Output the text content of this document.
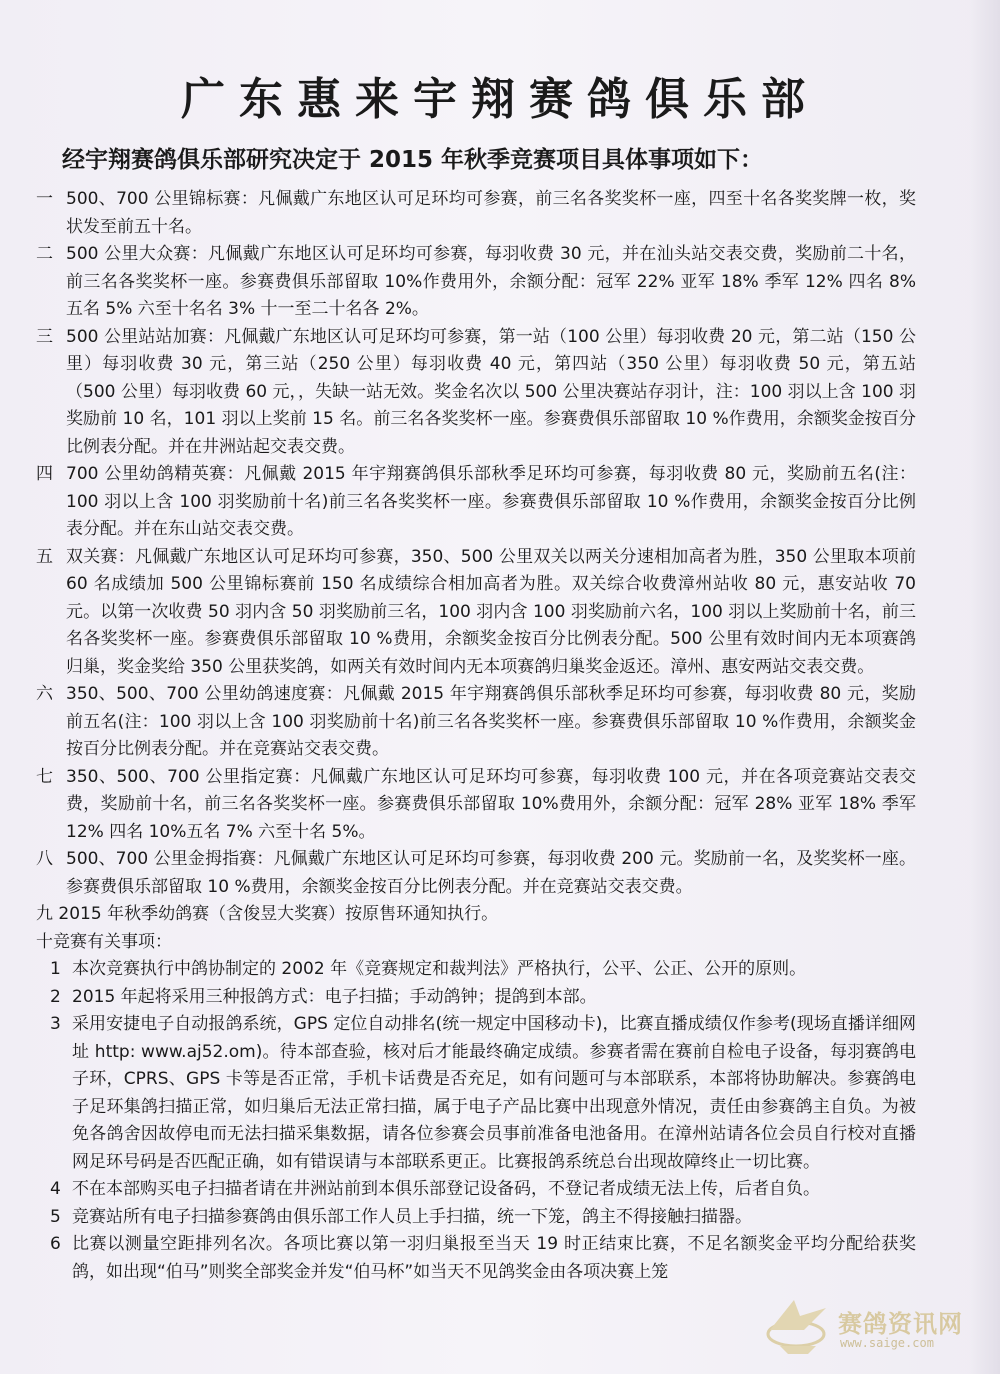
广东惠来宇翔赛鸽俱乐部
经宇翔赛鸽俱乐部研究决定于 2015 年秋季竞赛项目具体事项如下：
一 500、700 公里锦标赛：凡佩戴广东地区认可足环均可参赛，前三名各奖奖杯一座，四至十名各奖奖牌一枚，奖状发至前五十名。
二 500 公里大众赛：凡佩戴广东地区认可足环均可参赛，每羽收费 30 元，并在汕头站交表交费，奖励前二十名，前三名各奖奖杯一座。参赛费俱乐部留取 10%作费用外，余额分配：冠军 22% 亚军 18% 季军 12% 四名 8% 五名 5% 六至十名名 3% 十一至二十名各 2%。
三 500 公里站站加赛：凡佩戴广东地区认可足环均可参赛，第一站（100 公里）每羽收费 20 元，第二站（150 公里）每羽收费 30 元，第三站（250 公里）每羽收费 40 元，第四站（350 公里）每羽收费 50 元，第五站（500 公里）每羽收费 60 元，，失缺一站无效。奖金名次以 500 公里决赛站存羽计，注：100 羽以上含 100 羽奖励前 10 名，101 羽以上奖前 15 名。前三名各奖奖杯一座。参赛费俱乐部留取 10 %作费用，余额奖金按百分比例表分配。并在井洲站起交表交费。
四 700 公里幼鸽精英赛：凡佩戴 2015 年宇翔赛鸽俱乐部秋季足环均可参赛，每羽收费 80 元，奖励前五名(注：100 羽以上含 100 羽奖励前十名)前三名各奖奖杯一座。参赛费俱乐部留取 10 %作费用，余额奖金按百分比例表分配。并在东山站交表交费。
五 双关赛：凡佩戴广东地区认可足环均可参赛，350、500 公里双关以两关分速相加高者为胜，350 公里取本项前 60 名成绩加 500 公里锦标赛前 150 名成绩综合相加高者为胜。双关综合收费漳州站收 80 元，惠安站收 70 元。以第一次收费 50 羽内含 50 羽奖励前三名，100 羽内含 100 羽奖励前六名，100 羽以上奖励前十名，前三名各奖奖杯一座。参赛费俱乐部留取 10 %费用，余额奖金按百分比例表分配。500 公里有效时间内无本项赛鸽归巢，奖金奖给 350 公里获奖鸽，如两关有效时间内无本项赛鸽归巢奖金返还。漳州、惠安两站交表交费。
六 350、500、700 公里幼鸽速度赛：凡佩戴 2015 年宇翔赛鸽俱乐部秋季足环均可参赛，每羽收费 80 元，奖励前五名(注：100 羽以上含 100 羽奖励前十名)前三名各奖奖杯一座。参赛费俱乐部留取 10 %作费用，余额奖金按百分比例表分配。并在竞赛站交表交费。
七 350、500、700 公里指定赛：凡佩戴广东地区认可足环均可参赛，每羽收费 100 元，并在各项竞赛站交表交费，奖励前十名，前三名各奖奖杯一座。参赛费俱乐部留取 10%费用外，余额分配：冠军 28% 亚军 18% 季军 12% 四名 10%五名 7% 六至十名 5%。
八 500、700 公里金拇指赛：凡佩戴广东地区认可足环均可参赛，每羽收费 200 元。奖励前一名，及奖奖杯一座。参赛费俱乐部留取 10 %费用，余额奖金按百分比例表分配。并在竞赛站交表交费。
九 2015 年秋季幼鸽赛（含俊昱大奖赛）按原售环通知执行。
十竞赛有关事项：
1 本次竞赛执行中鸽协制定的 2002 年《竞赛规定和裁判法》严格执行，公平、公正、公开的原则。
2 2015 年起将采用三种报鸽方式：电子扫描；手动鸽钟；提鸽到本部。
3 采用安捷电子自动报鸽系统，GPS 定位自动排名(统一规定中国移动卡)，比赛直播成绩仅作参考(现场直播详细网址 http: www.aj52.om)。待本部查验，核对后才能最终确定成绩。参赛者需在赛前自检电子设备，每羽赛鸽电子环，CPRS、GPS 卡等是否正常，手机卡话费是否充足，如有问题可与本部联系，本部将协助解决。参赛鸽电子足环集鸽扫描正常，如归巢后无法正常扫描，属于电子产品比赛中出现意外情况，责任由参赛鸽主自负。为被免各鸽舍因故停电而无法扫描采集数据，请各位参赛会员事前准备电池备用。在漳州站请各位会员自行校对直播网足环号码是否匹配正确，如有错误请与本部联系更正。比赛报鸽系统总台出现故障终止一切比赛。
4 不在本部购买电子扫描者请在井洲站前到本俱乐部登记设备码，不登记者成绩无法上传，后者自负。
5 竞赛站所有电子扫描参赛鸽由俱乐部工作人员上手扫描，统一下笼，鸽主不得接触扫描器。
6 比赛以测量空距排列名次。各项比赛以第一羽归巢报至当天 19 时正结束比赛，不足名额奖金平均分配给获奖鸽，如出现“伯马”则奖全部奖金并发“伯马杯”如当天不见鸽奖金由各项决赛上笼
赛鸽资讯网
www.saige.com
